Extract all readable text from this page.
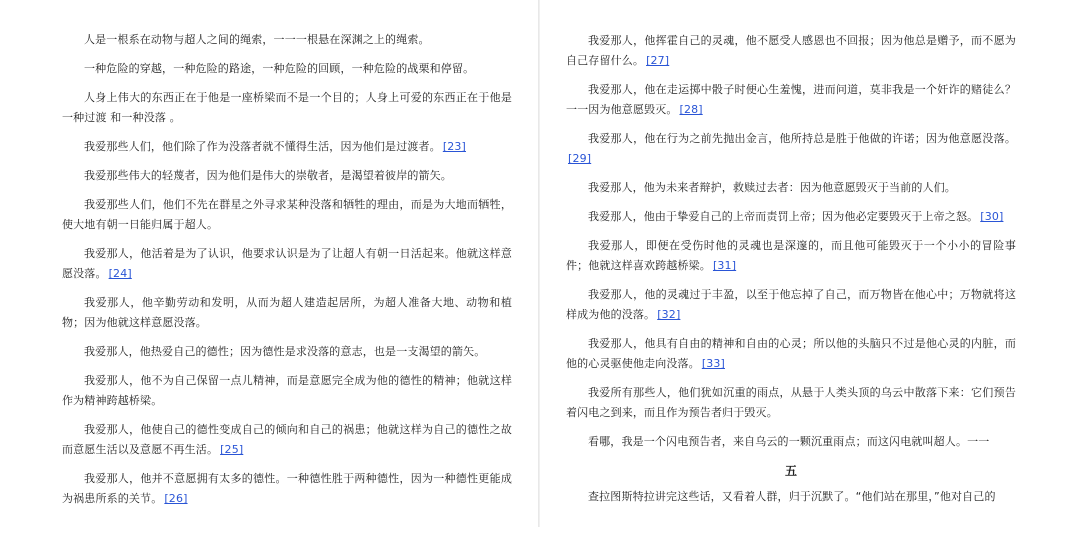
人是一根系在动物与超人之间的绳索，一一一根悬在深渊之上的绳索。

一种危险的穿越，一种危险的路途，一种危险的回顾，一种危险的战栗和停留。

人身上伟大的东西正在于他是一座桥梁而不是一个目的；人身上可爱的东西正在于他是一种过渡 和一种没落 。

我爱那些人们，他们除了作为没落者就不懂得生活，因为他们是过渡者。 [23]

我爱那些伟大的轻蔑者，因为他们是伟大的崇敬者，是渴望着彼岸的箭矢。

我爱那些人们，他们不先在群星之外寻求某种没落和牺牲的理由，而是为大地而牺牲，使大地有朝一日能归属于超人。

我爱那人，他活着是为了认识，他要求认识是为了让超人有朝一日活起来。他就这样意愿没落。 [24]

我爱那人，他辛勤劳动和发明，从而为超人建造起居所，为超人准备大地、动物和植物；因为他就这样意愿没落。

我爱那人，他热爱自己的德性；因为德性是求没落的意志，也是一支渴望的箭矢。

我爱那人，他不为自己保留一点儿精神，而是意愿完全成为他的德性的精神；他就这样作为精神跨越桥梁。

我爱那人，他使自己的德性变成自己的倾向和自己的祸患；他就这样为自己的德性之故而意愿生活以及意愿不再生活。 [25]

我爱那人，他并不意愿拥有太多的德性。一种德性胜于两种德性，因为一种德性更能成为祸患所系的关节。 [26]

我爱那人，他挥霍自己的灵魂，他不愿受人感恩也不回报；因为他总是赠予，而不愿为自己存留什么。 [27]

我爱那人，他在走运掷中骰子时便心生羞愧，进而问道，莫非我是一个奸诈的赌徒么？一一因为他意愿毁灭。 [28]

我爱那人，他在行为之前先抛出金言，他所持总是胜于他做的许诺；因为他意愿没落。[29]

我爱那人，他为未来者辩护，救赎过去者：因为他意愿毁灭于当前的人们。

我爱那人，他由于挚爱自己的上帝而责罚上帝；因为他必定要毁灭于上帝之怒。 [30]

我爱那人，即便在受伤时他的灵魂也是深邃的，而且他可能毁灭于一个小小的冒险事件；他就这样喜欢跨越桥梁。 [31]

我爱那人，他的灵魂过于丰盈，以至于他忘掉了自己，而万物皆在他心中；万物就将这样成为他的没落。 [32]

我爱那人，他具有自由的精神和自由的心灵；所以他的头脑只不过是他心灵的内脏，而他的心灵驱使他走向没落。 [33]

我爱所有那些人，他们犹如沉重的雨点，从悬于人类头顶的乌云中散落下来：它们预告着闪电之到来，而且作为预告者归于毁灭。

看哪，我是一个闪电预告者，来自乌云的一颗沉重雨点；而这闪电就叫超人。一一

五

查拉图斯特拉讲完这些话，又看着人群，归于沉默了。“他们站在那里，”他对自己的
